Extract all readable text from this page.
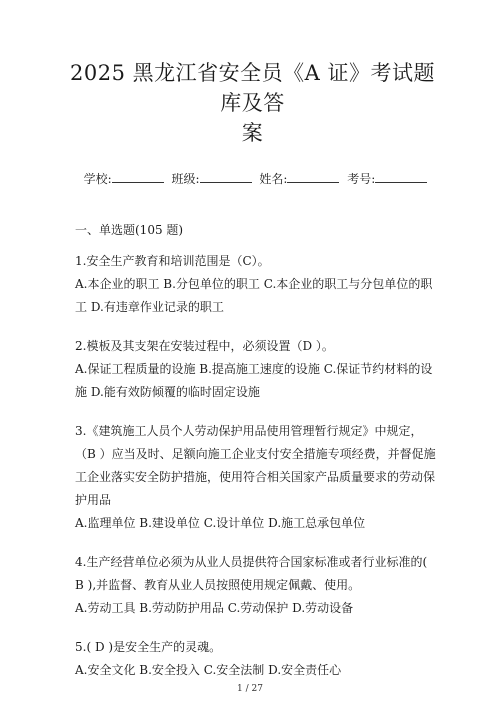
2025 黑龙江省安全员《A 证》考试题库及答
案
学校:	班级:	姓名:	考号:
一、单选题(105 题)

1.安全生产教育和培训范围是（C）。

A.本企业的职工 B.分包单位的职工 C.本企业的职工与分包单位的职工 D.有违章作业记录的职工

2.模板及其支架在安装过程中，必须设置（D ）。

A.保证工程质量的设施 B.提高施工速度的设施 C.保证节约材料的设施 D.能有效防倾覆的临时固定设施

3.《建筑施工人员个人劳动保护用品使用管理暂行规定》中规定，（B ）应当及时、足额向施工企业支付安全措施专项经费，并督促施工企业落实安全防护措施，使用符合相关国家产品质量要求的劳动保护用品

A.监理单位 B.建设单位 C.设计单位 D.施工总承包单位

4.生产经营单位必须为从业人员提供符合国家标准或者行业标准的( B ),并监督、教育从业人员按照使用规定佩戴、使用。

A.劳动工具 B.劳动防护用品 C.劳动保护 D.劳动设备

5.( D )是安全生产的灵魂。

A.安全文化 B.安全投入 C.安全法制 D.安全责任心

1 / 27
